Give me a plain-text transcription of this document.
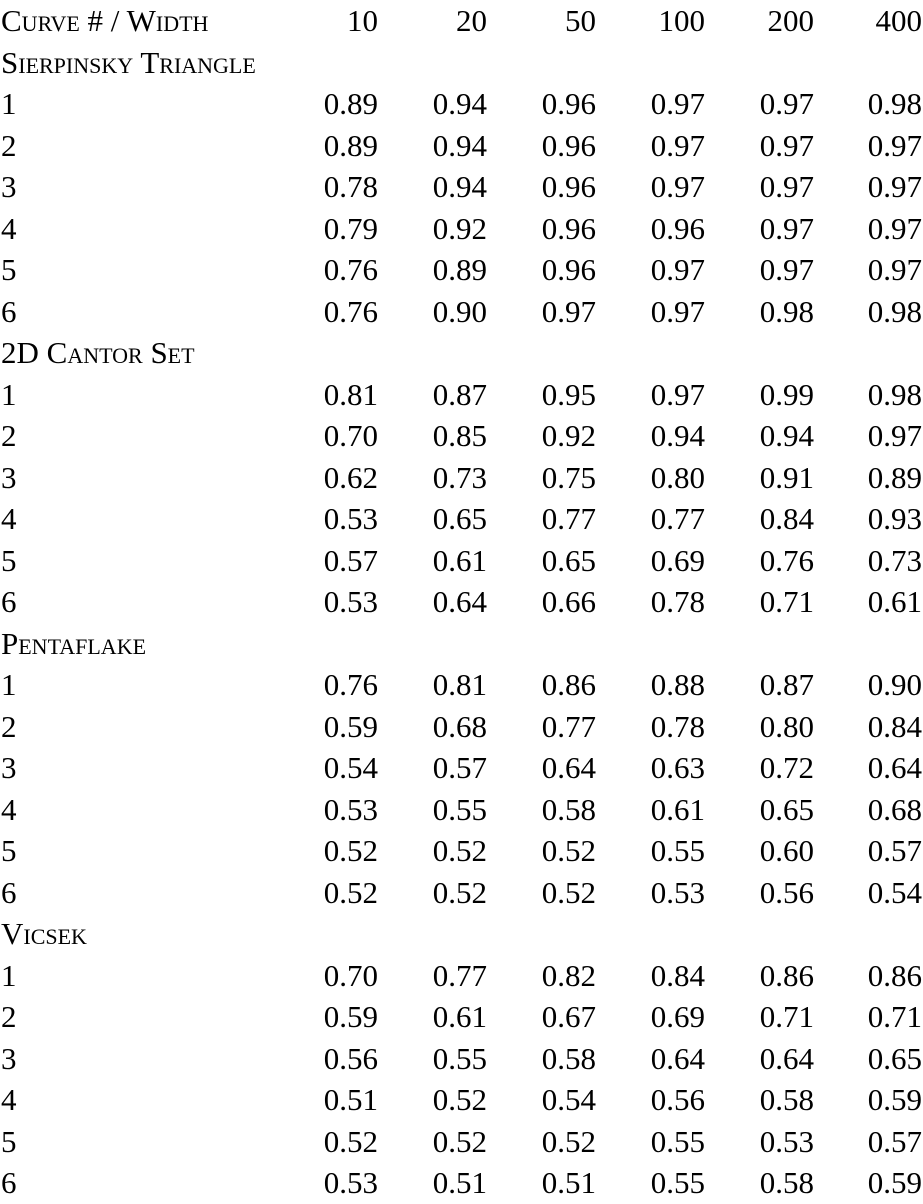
Curve # / Width	10	20	50	100	200	400
Sierpinsky Triangle
1	0.89	0.94	0.96	0.97	0.97	0.98
2	0.89	0.94	0.96	0.97	0.97	0.97
3	0.78	0.94	0.96	0.97	0.97	0.97
4	0.79	0.92	0.96	0.96	0.97	0.97
5	0.76	0.89	0.96	0.97	0.97	0.97
6	0.76	0.90	0.97	0.97	0.98	0.98
2D Cantor Set
1	0.81	0.87	0.95	0.97	0.99	0.98
2	0.70	0.85	0.92	0.94	0.94	0.97
3	0.62	0.73	0.75	0.80	0.91	0.89
4	0.53	0.65	0.77	0.77	0.84	0.93
5	0.57	0.61	0.65	0.69	0.76	0.73
6	0.53	0.64	0.66	0.78	0.71	0.61
Pentaflake
1	0.76	0.81	0.86	0.88	0.87	0.90
2	0.59	0.68	0.77	0.78	0.80	0.84
3	0.54	0.57	0.64	0.63	0.72	0.64
4	0.53	0.55	0.58	0.61	0.65	0.68
5	0.52	0.52	0.52	0.55	0.60	0.57
6	0.52	0.52	0.52	0.53	0.56	0.54
Vicsek
1	0.70	0.77	0.82	0.84	0.86	0.86
2	0.59	0.61	0.67	0.69	0.71	0.71
3	0.56	0.55	0.58	0.64	0.64	0.65
4	0.51	0.52	0.54	0.56	0.58	0.59
5	0.52	0.52	0.52	0.55	0.53	0.57
6	0.53	0.51	0.51	0.55	0.58	0.59
